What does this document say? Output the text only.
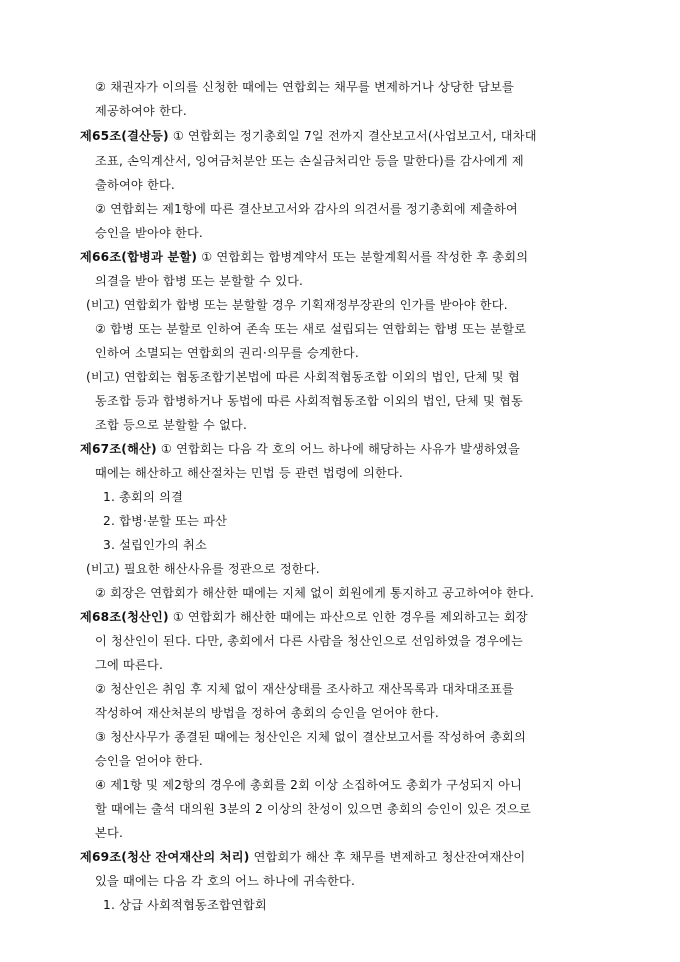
② 채권자가 이의를 신청한 때에는 연합회는 채무를 변제하거나 상당한 담보를
제공하여야 한다.
제65조(결산등) ① 연합회는 정기총회일 7일 전까지 결산보고서(사업보고서, 대차대
조표, 손익계산서, 잉여금처분안 또는 손실금처리안 등을 말한다)를 감사에게 제
출하여야 한다.
② 연합회는 제1항에 따른 결산보고서와 감사의 의견서를 정기총회에 제출하여
승인을 받아야 한다.
제66조(합병과 분할) ① 연합회는 합병계약서 또는 분할계획서를 작성한 후 총회의
의결을 받아 합병 또는 분할할 수 있다.
(비고) 연합회가 합병 또는 분할할 경우 기획재정부장관의 인가를 받아야 한다.
② 합병 또는 분할로 인하여 존속 또는 새로 설립되는 연합회는 합병 또는 분할로
인하여 소멸되는 연합회의 권리·의무를 승계한다.
(비고) 연합회는 협동조합기본법에 따른 사회적협동조합 이외의 법인, 단체 및 협
동조합 등과 합병하거나 동법에 따른 사회적협동조합 이외의 법인, 단체 및 협동
조합 등으로 분할할 수 없다.
제67조(해산) ① 연합회는 다음 각 호의 어느 하나에 해당하는 사유가 발생하였을
때에는 해산하고 해산절차는 민법 등 관련 법령에 의한다.
1. 총회의 의결
2. 합병·분할 또는 파산
3. 설립인가의 취소
(비고) 필요한 해산사유를 정관으로 정한다.
② 회장은 연합회가 해산한 때에는 지체 없이 회원에게 통지하고 공고하여야 한다.
제68조(청산인) ① 연합회가 해산한 때에는 파산으로 인한 경우를 제외하고는 회장
이 청산인이 된다. 다만, 총회에서 다른 사람을 청산인으로 선임하였을 경우에는
그에 따른다.
② 청산인은 취임 후 지체 없이 재산상태를 조사하고 재산목록과 대차대조표를
작성하여 재산처분의 방법을 정하여 총회의 승인을 얻어야 한다.
③ 청산사무가 종결된 때에는 청산인은 지체 없이 결산보고서를 작성하여 총회의
승인을 얻어야 한다.
④ 제1항 및 제2항의 경우에 총회를 2회 이상 소집하여도 총회가 구성되지 아니
할 때에는 출석 대의원 3분의 2 이상의 찬성이 있으면 총회의 승인이 있은 것으로
본다.
제69조(청산 잔여재산의 처리) 연합회가 해산 후 채무를 변제하고 청산잔여재산이
있을 때에는 다음 각 호의 어느 하나에 귀속한다.
1. 상급 사회적협동조합연합회
